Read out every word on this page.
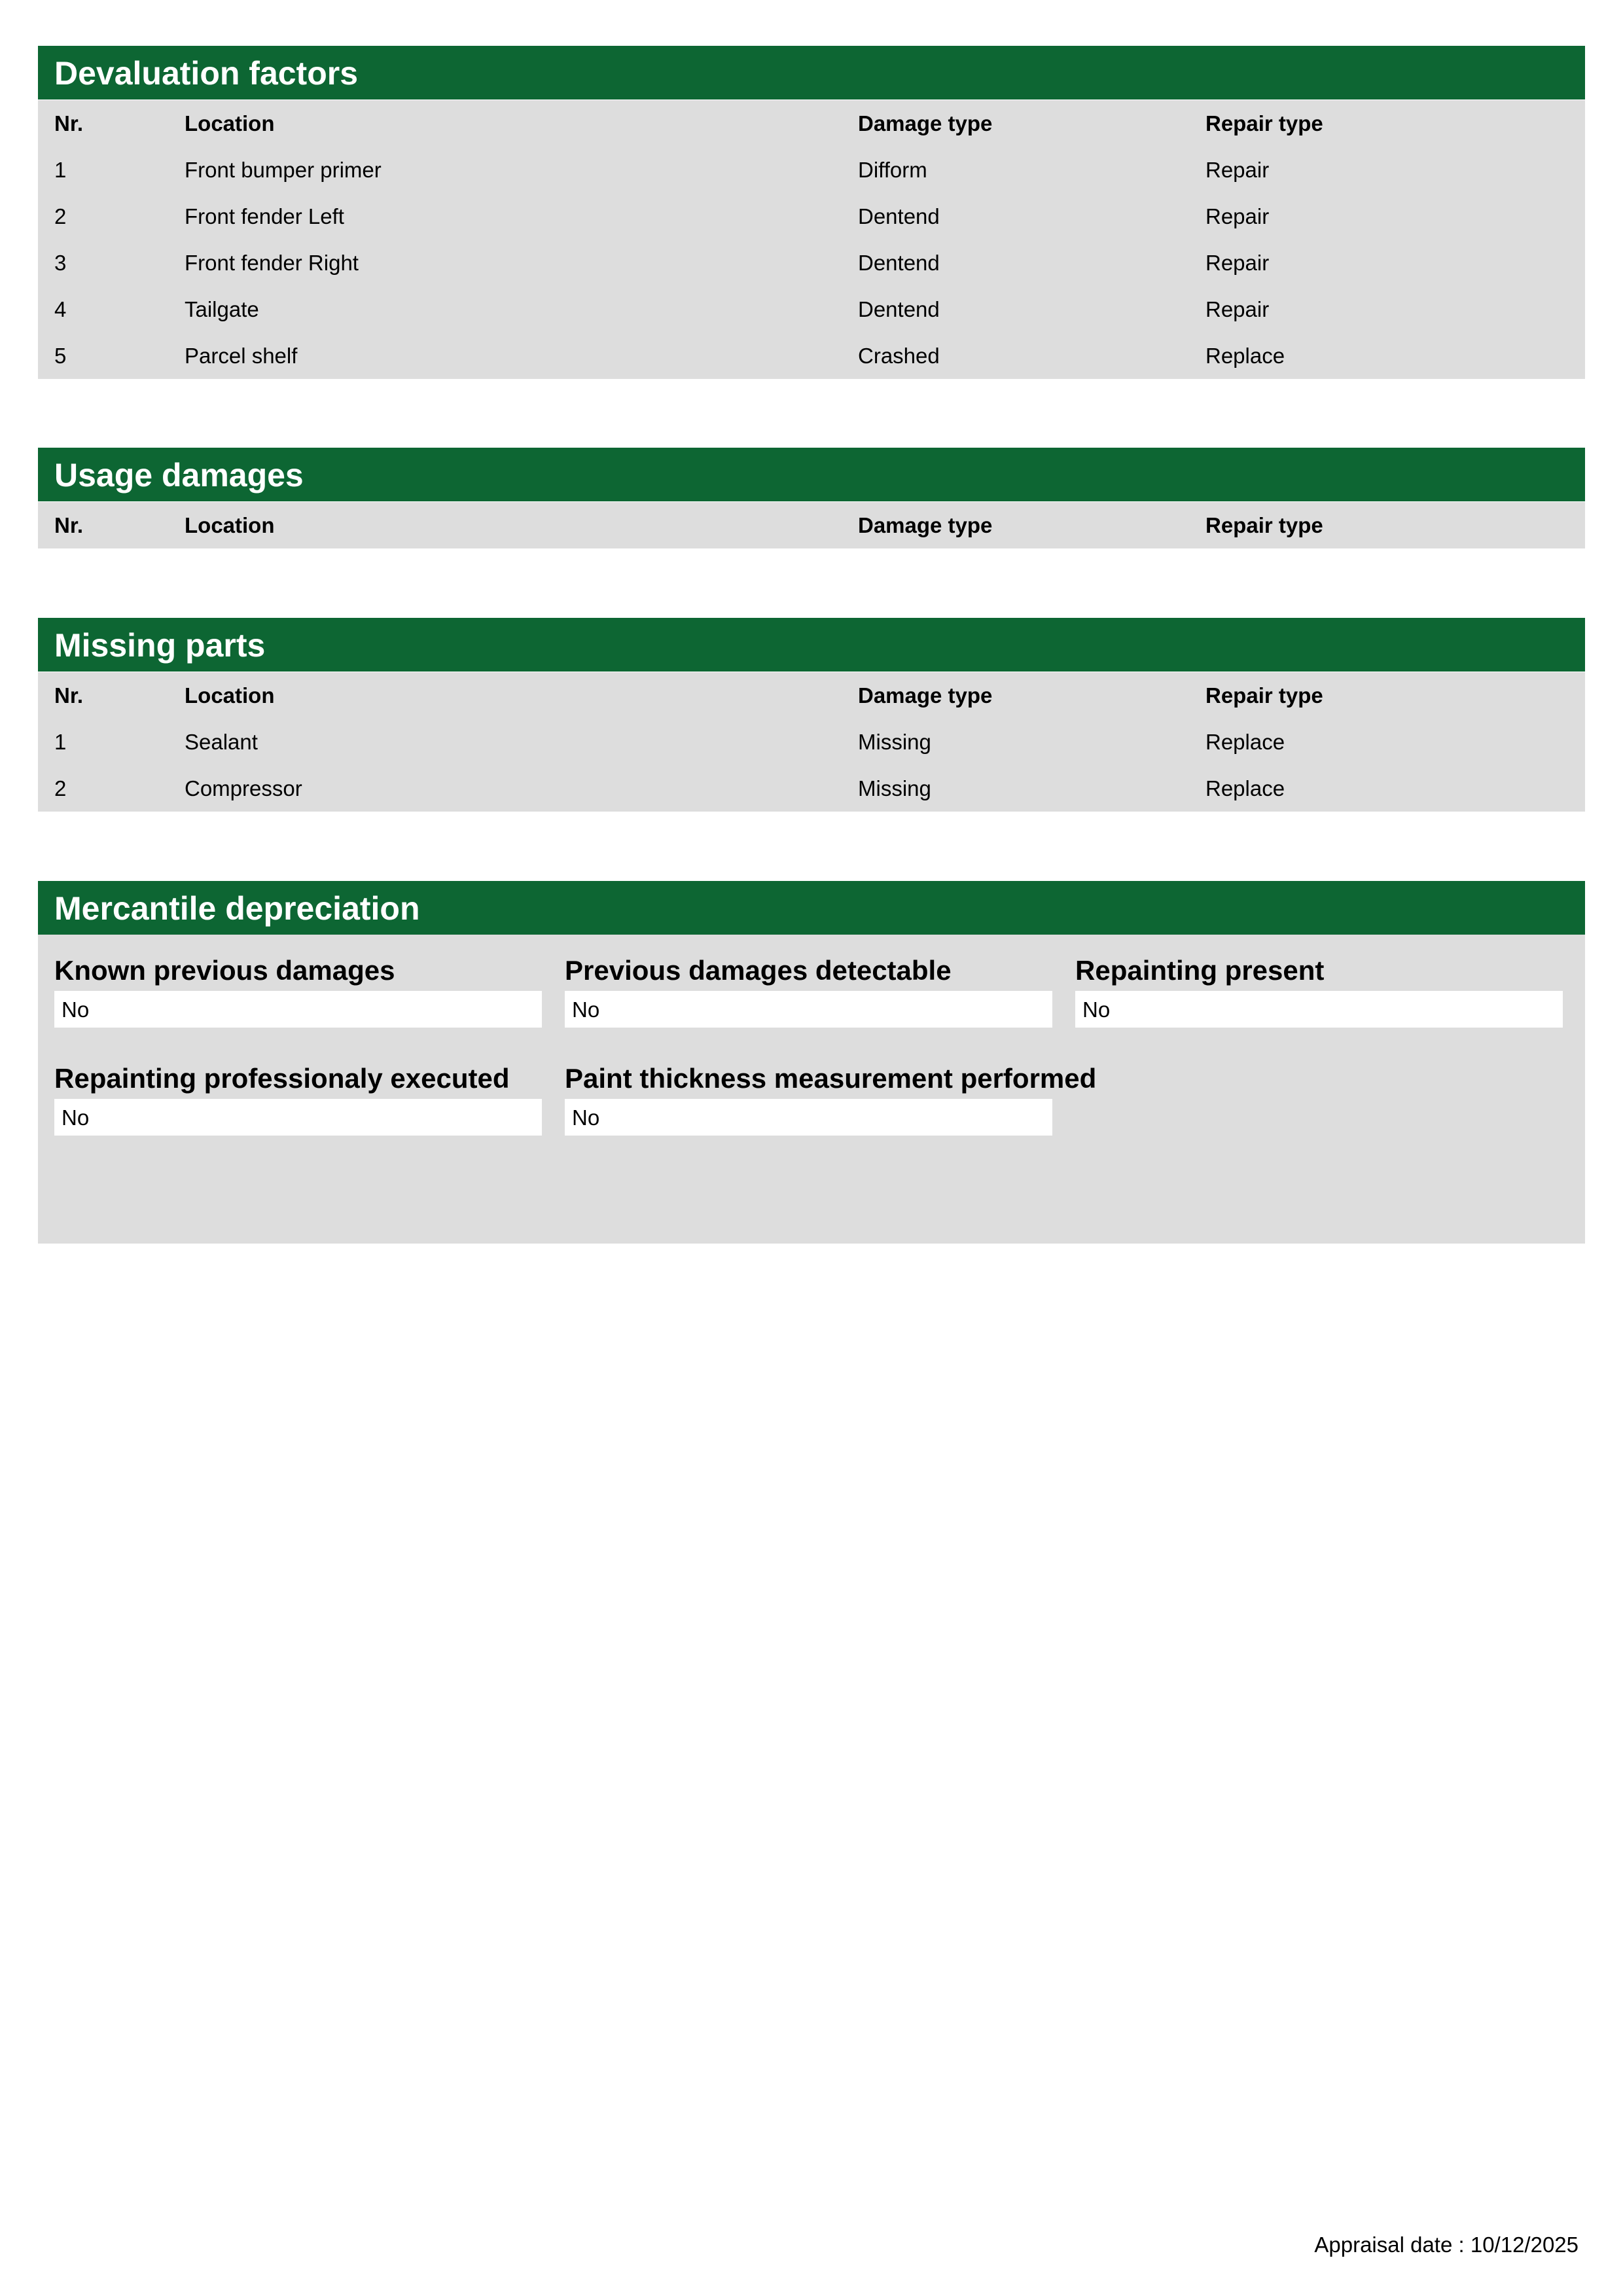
Devaluation factors
Nr.	Location	Damage type	Repair type
1	Front bumper primer	Difform	Repair
2	Front fender Left	Dentend	Repair
3	Front fender Right	Dentend	Repair
4	Tailgate	Dentend	Repair
5	Parcel shelf	Crashed	Replace
Usage damages
Nr.	Location	Damage type	Repair type
Missing parts
Nr.	Location	Damage type	Repair type
1	Sealant	Missing	Replace
2	Compressor	Missing	Replace
Mercantile depreciation
Known previous damages
No
Previous damages detectable
No
Repainting present
No
Repainting professionaly executed
No
Paint thickness measurement performed
No
Appraisal date : 10/12/2025
